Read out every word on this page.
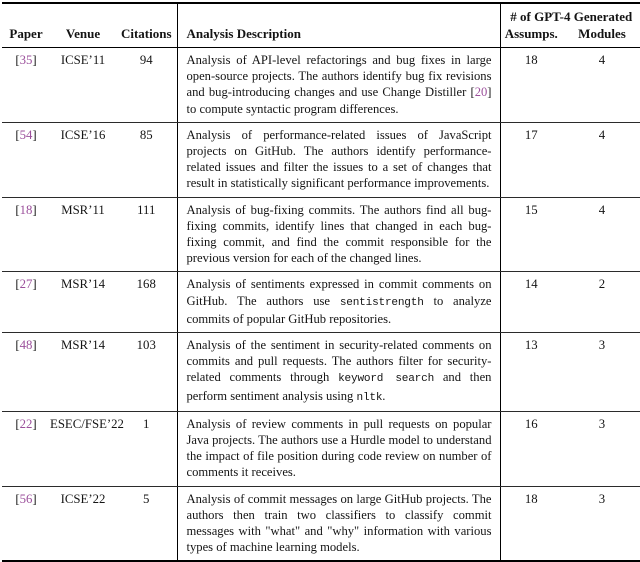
Paper	Venue	Citations	Analysis Description	# of GPT-4 Generated	
				Assumps.	Modules
[35]	ICSE’11	94	Analysis of API-level refactorings and bug fixes in large open-source projects. The authors identify bug fix revisions and bug-introducing changes and use Change Distiller [20] to compute syntactic program differences.	18	4
[54]	ICSE’16	85	Analysis of performance-related issues of JavaScript projects on GitHub. The authors identify performance-related issues and filter the issues to a set of changes that result in statistically significant performance improvements.	17	4
[18]	MSR’11	111	Analysis of bug-fixing commits. The authors find all bug-fixing commits, identify lines that changed in each bug-fixing commit, and find the commit responsible for the previous version for each of the changed lines.	15	4
[27]	MSR’14	168	Analysis of sentiments expressed in commit comments on GitHub. The authors use sentistrength to analyze commits of popular GitHub repositories.	14	2
[48]	MSR’14	103	Analysis of the sentiment in security-related comments on commits and pull requests. The authors filter for security-related comments through keyword search and then perform sentiment analysis using nltk.	13	3
[22]	ESEC/FSE’22	1	Analysis of review comments in pull requests on popular Java projects. The authors use a Hurdle model to understand the impact of file position during code review on number of comments it receives.	16	3
[56]	ICSE’22	5	Analysis of commit messages on large GitHub projects. The authors then train two classifiers to classify commit messages with "what" and "why" information with various types of machine learning models.	18	3
